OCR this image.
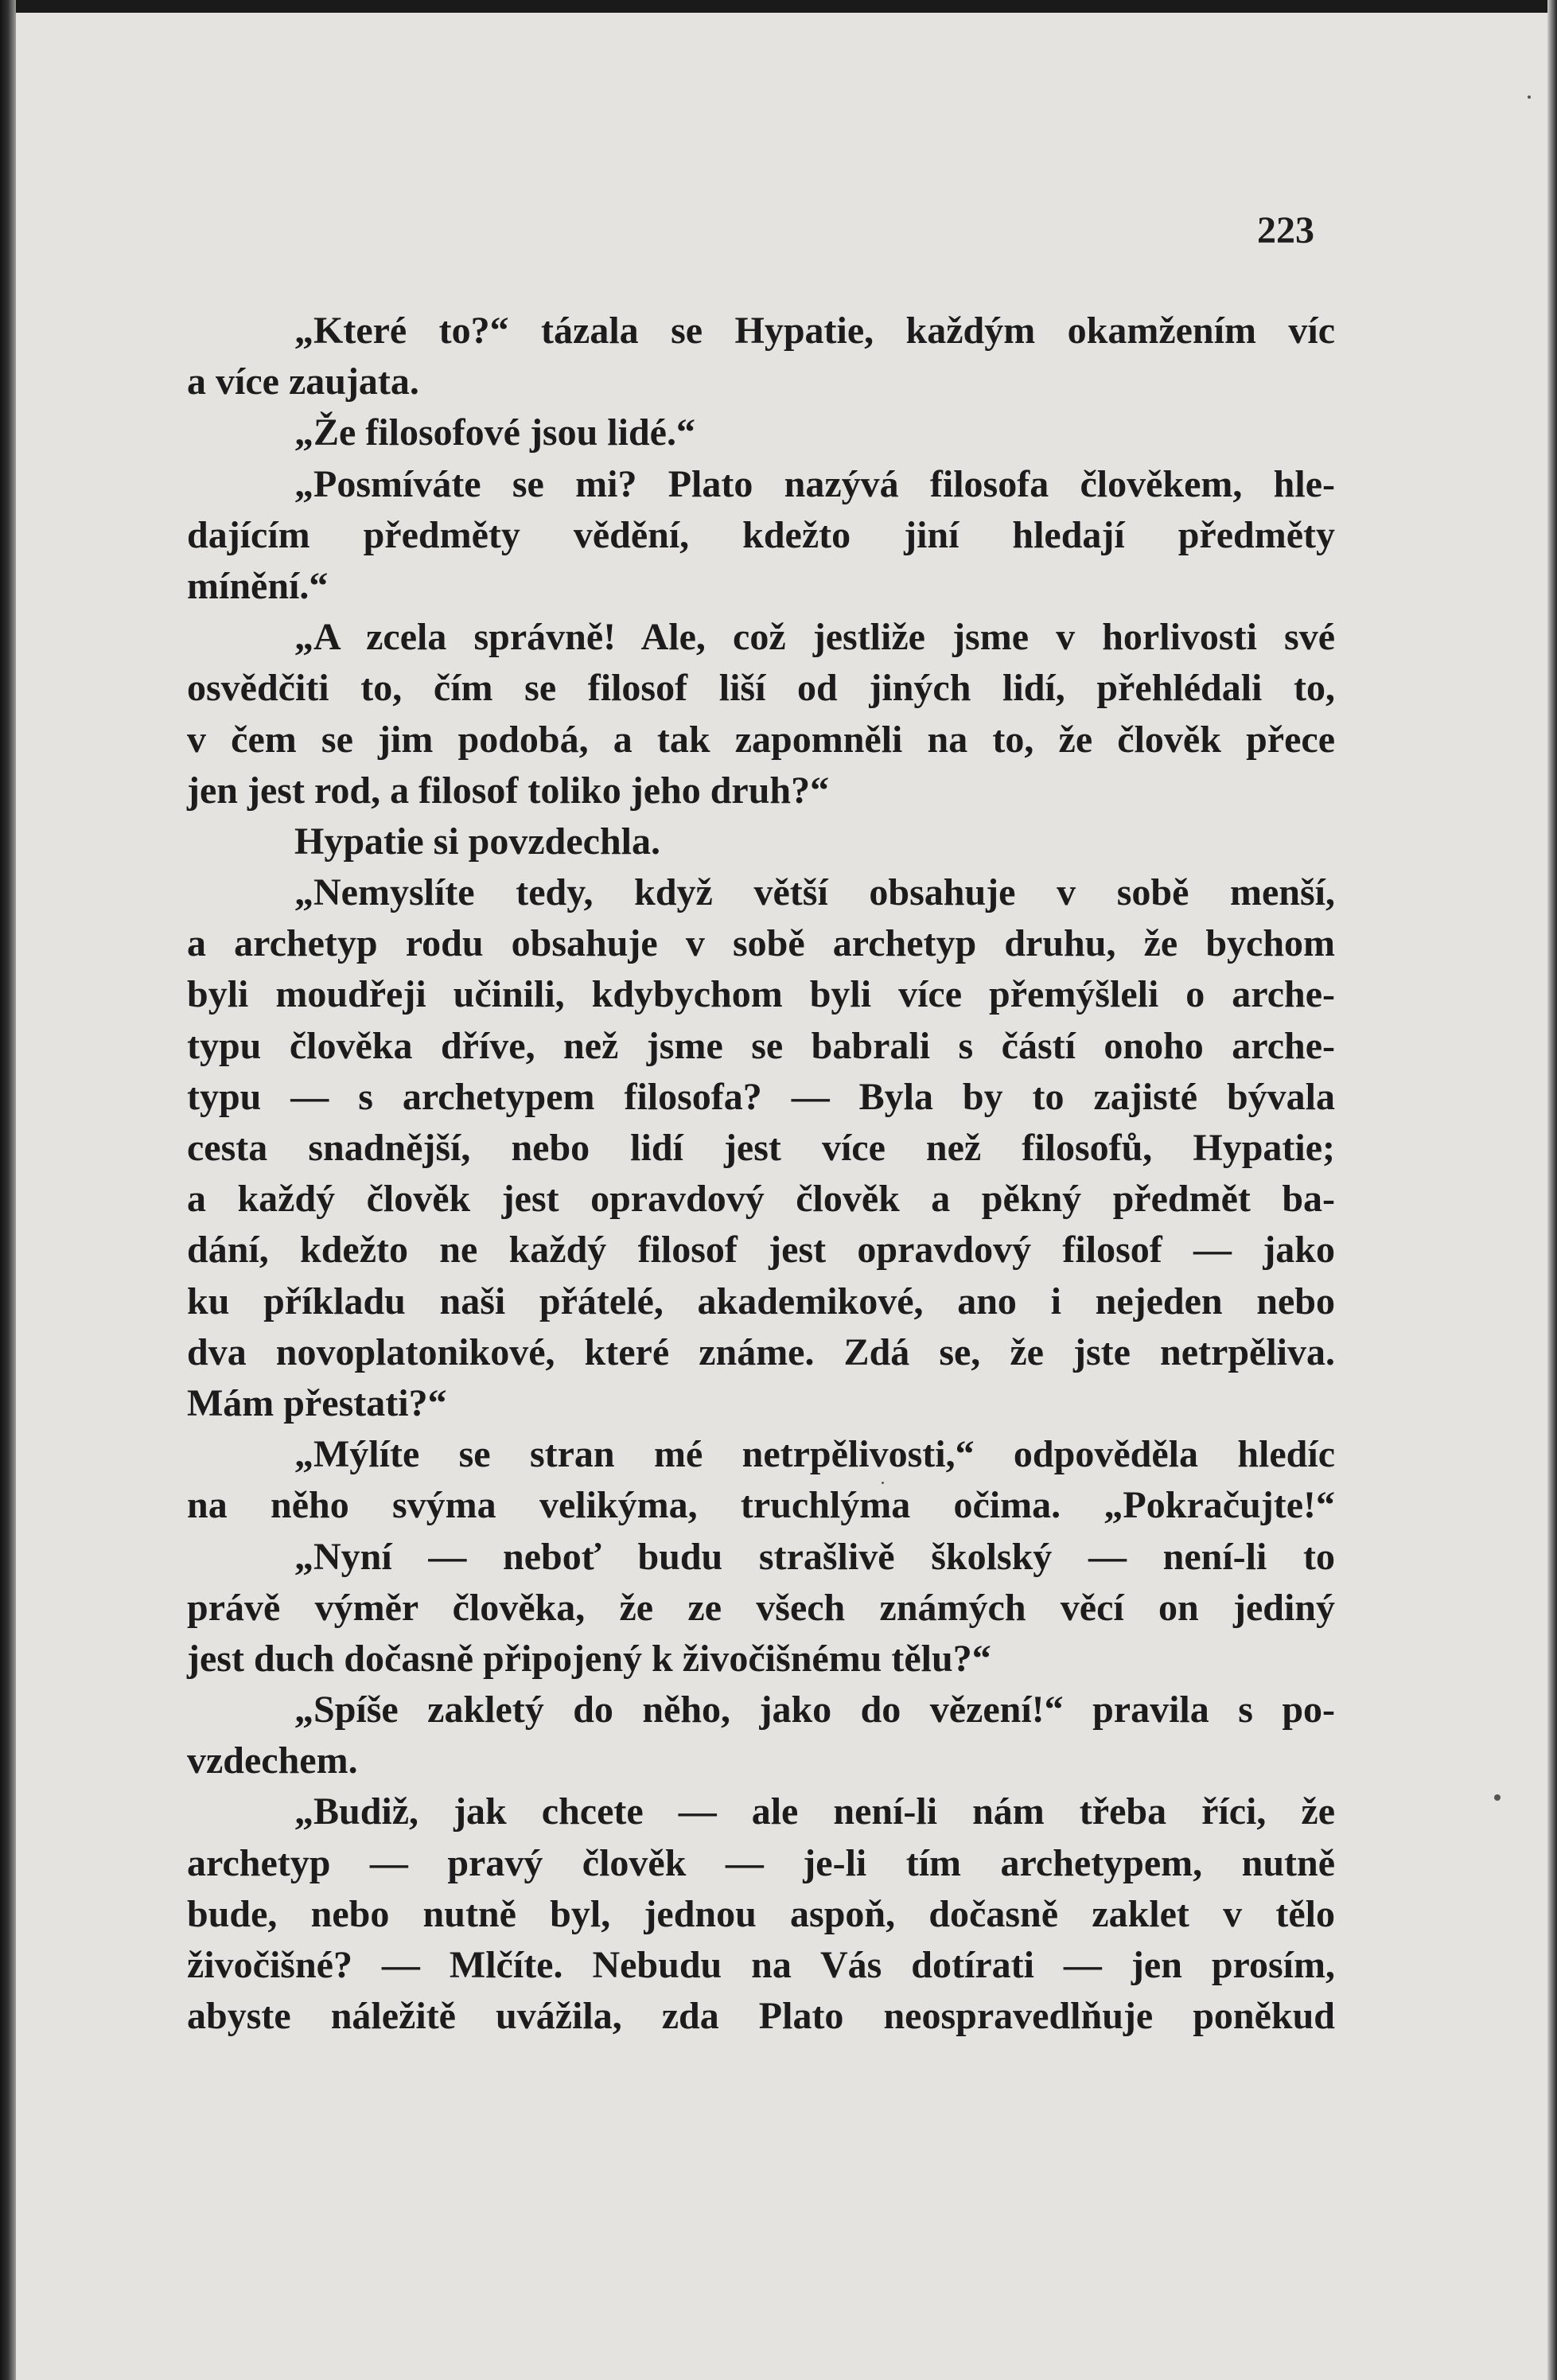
223
„Které to?“ tázala se Hypatie, každým okamžením víc
a více zaujata.
„Že filosofové jsou lidé.“
„Posmíváte se mi? Plato nazývá filosofa člověkem, hle-
dajícím předměty vědění, kdežto jiní hledají předměty
mínění.“
„A zcela správně! Ale, což jestliže jsme v horlivosti své
osvědčiti to, čím se filosof liší od jiných lidí, přehlédali to,
v čem se jim podobá, a tak zapomněli na to, že člověk přece
jen jest rod, a filosof toliko jeho druh?“
Hypatie si povzdechla.
„Nemyslíte tedy, když větší obsahuje v sobě menší,
a archetyp rodu obsahuje v sobě archetyp druhu, že bychom
byli moudřeji učinili, kdybychom byli více přemýšleli o arche-
typu člověka dříve, než jsme se babrali s částí onoho arche-
typu — s archetypem filosofa? — Byla by to zajisté bývala
cesta snadnější, nebo lidí jest více než filosofů, Hypatie;
a každý člověk jest opravdový člověk a pěkný předmět ba-
dání, kdežto ne každý filosof jest opravdový filosof — jako
ku příkladu naši přátelé, akademikové, ano i nejeden nebo
dva novoplatonikové, které známe. Zdá se, že jste netrpěliva.
Mám přestati?“
„Mýlíte se stran mé netrpělivosti,“ odpověděla hledíc
na něho svýma velikýma, truchlýma očima. „Pokračujte!“
„Nyní — neboť budu strašlivě školský — není-li to
právě výměr člověka, že ze všech známých věcí on jediný
jest duch dočasně připojený k živočišnému tělu?“
„Spíše zakletý do něho, jako do vězení!“ pravila s po-
vzdechem.
„Budiž, jak chcete — ale není-li nám třeba říci, že
archetyp — pravý člověk — je-li tím archetypem, nutně
bude, nebo nutně byl, jednou aspoň, dočasně zaklet v tělo
živočišné? — Mlčíte. Nebudu na Vás dotírati — jen prosím,
abyste náležitě uvážila, zda Plato neospravedlňuje poněkud
